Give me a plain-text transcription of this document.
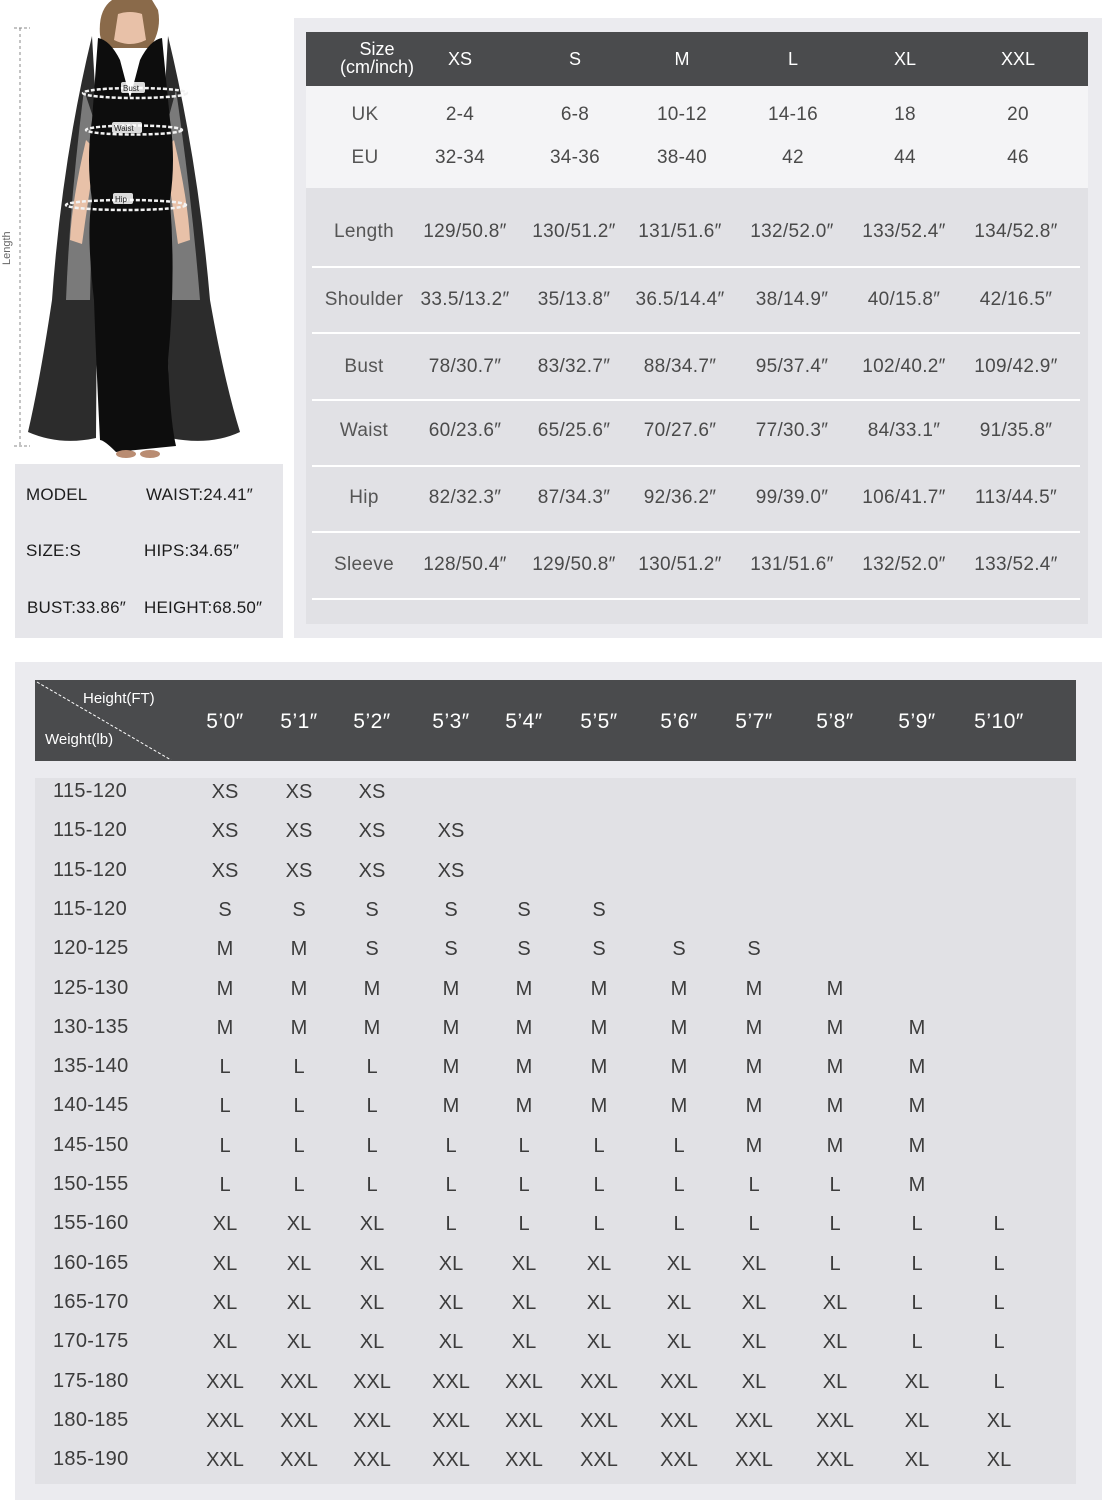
Length
Bust
Waist
Hip
MODEL	WAIST:24.41″
SIZE:S	HIPS:34.65″
BUST:33.86″ HEIGHT:68.50″
Size
(cm/inch)	XS	S	M	L	XL	XXL
UK	2-4	6-8	10-12	14-16	18	20
EU	32-34	34-36	38-40	42	44	46
Length	129/50.8″	130/51.2″	131/51.6″	132/52.0″	133/52.4″	134/52.8″
Shoulder 33.5/13.2″	35/13.8″	36.5/14.4″	38/14.9″	40/15.8″	42/16.5″
Bust	78/30.7″	83/32.7″	88/34.7″	95/37.4″	102/40.2″	109/42.9″
Waist	60/23.6″	65/25.6″	70/27.6″	77/30.3″	84/33.1″	91/35.8″
Hip	82/32.3″	87/34.3″	92/36.2″	99/39.0″	106/41.7″	113/44.5″
Sleeve	128/50.4″	129/50.8″	130/51.2″	131/51.6″	132/52.0″	133/52.4″
Height(FT)
Weight(lb)
5’0″	5’1″	5’2″	5’3″	5’4″	5’5″	5’6″	5’7″	5’8″	5’9″	5’10″
115-120	XS	XS	XS
115-120	XS	XS	XS	XS
115-120	XS	XS	XS	XS
115-120	S	S	S	S	S	S
120-125	M	M	S	S	S	S	S	S
125-130	M	M	M	M	M	M	M	M	M
130-135	M	M	M	M	M	M	M	M	M	M
135-140	L	L	L	M	M	M	M	M	M	M
140-145	L	L	L	M	M	M	M	M	M	M
145-150	L	L	L	L	L	L	L	M	M	M
150-155	L	L	L	L	L	L	L	L	L	M
155-160	XL	XL	XL	L	L	L	L	L	L	L	L
160-165	XL	XL	XL	XL	XL	XL	XL	XL	L	L	L
165-170	XL	XL	XL	XL	XL	XL	XL	XL	XL	L	L
170-175	XL	XL	XL	XL	XL	XL	XL	XL	XL	L	L
175-180	XXL	XXL	XXL	XXL	XXL	XXL	XXL	XL	XL	XL	L
180-185	XXL	XXL	XXL	XXL	XXL	XXL	XXL	XXL	XXL	XL	XL
185-190	XXL	XXL	XXL	XXL	XXL	XXL	XXL	XXL	XXL	XL	XL
